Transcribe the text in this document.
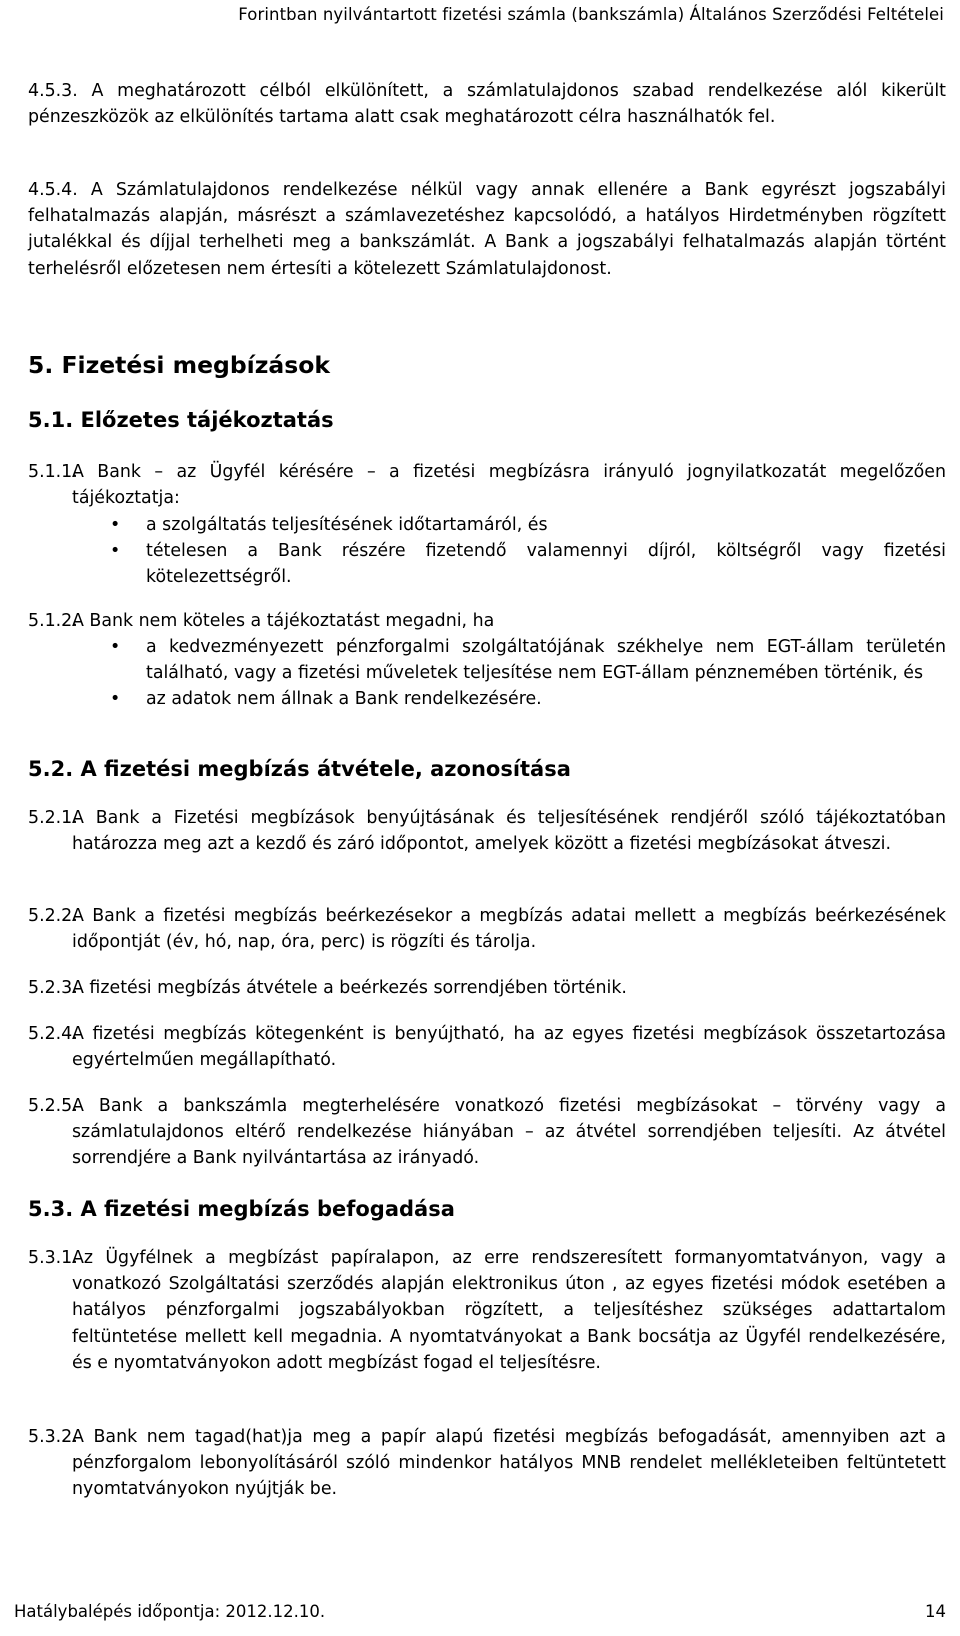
Forintban nyilvántartott fizetési számla (bankszámla) Általános Szerződési Feltételei
4.5.3. A meghatározott célból elkülönített, a számlatulajdonos szabad rendelkezése alól kikerült pénzeszközök az elkülönítés tartama alatt csak meghatározott célra használhatók fel.
4.5.4. A Számlatulajdonos rendelkezése nélkül vagy annak ellenére a Bank egyrészt jogszabályi felhatalmazás alapján, másrészt a számlavezetéshez kapcsolódó, a hatályos Hirdetményben rögzített jutalékkal és díjjal terhelheti meg a bankszámlát. A Bank a jogszabályi felhatalmazás alapján történt terhelésről előzetesen nem értesíti a kötelezett Számlatulajdonost.
5. Fizetési megbízások
5.1. Előzetes tájékoztatás
5.1.1.
A Bank – az Ügyfél kérésére – a fizetési megbízásra irányuló jognyilatkozatát megelőzően tájékoztatja:
• a szolgáltatás teljesítésének időtartamáról, és
• tételesen a Bank részére fizetendő valamennyi díjról, költségről vagy fizetési kötelezettségről.
5.1.2.
A Bank nem köteles a tájékoztatást megadni, ha
• a kedvezményezett pénzforgalmi szolgáltatójának székhelye nem EGT-állam területén található, vagy a fizetési műveletek teljesítése nem EGT-állam pénznemében történik, és
• az adatok nem állnak a Bank rendelkezésére.
5.2. A fizetési megbízás átvétele, azonosítása
5.2.1.
A Bank a Fizetési megbízások benyújtásának és teljesítésének rendjéről szóló tájékoztatóban határozza meg azt a kezdő és záró időpontot, amelyek között a fizetési megbízásokat átveszi.
5.2.2.
A Bank a fizetési megbízás beérkezésekor a megbízás adatai mellett a megbízás beérkezésének időpontját (év, hó, nap, óra, perc) is rögzíti és tárolja.
5.2.3.
A fizetési megbízás átvétele a beérkezés sorrendjében történik.
5.2.4.
A fizetési megbízás kötegenként is benyújtható, ha az egyes fizetési megbízások összetartozása egyértelműen megállapítható.
5.2.5.
A Bank a bankszámla megterhelésére vonatkozó fizetési megbízásokat – törvény vagy a számlatulajdonos eltérő rendelkezése hiányában – az átvétel sorrendjében teljesíti. Az átvétel sorrendjére a Bank nyilvántartása az irányadó.
5.3. A fizetési megbízás befogadása
5.3.1.
Az Ügyfélnek a megbízást papíralapon, az erre rendszeresített formanyomtatványon, vagy a vonatkozó Szolgáltatási szerződés alapján elektronikus úton , az egyes fizetési módok esetében a hatályos pénzforgalmi jogszabályokban rögzített, a teljesítéshez szükséges adattartalom feltüntetése mellett kell megadnia. A nyomtatványokat a Bank bocsátja az Ügyfél rendelkezésére, és e nyomtatványokon adott megbízást fogad el teljesítésre.
5.3.2.
A Bank nem tagad(hat)ja meg a papír alapú fizetési megbízás befogadását, amennyiben azt a pénzforgalom lebonyolításáról szóló mindenkor hatályos MNB rendelet mellékleteiben feltüntetett nyomtatványokon nyújtják be.
Hatálybalépés időpontja: 2012.12.10.	14
